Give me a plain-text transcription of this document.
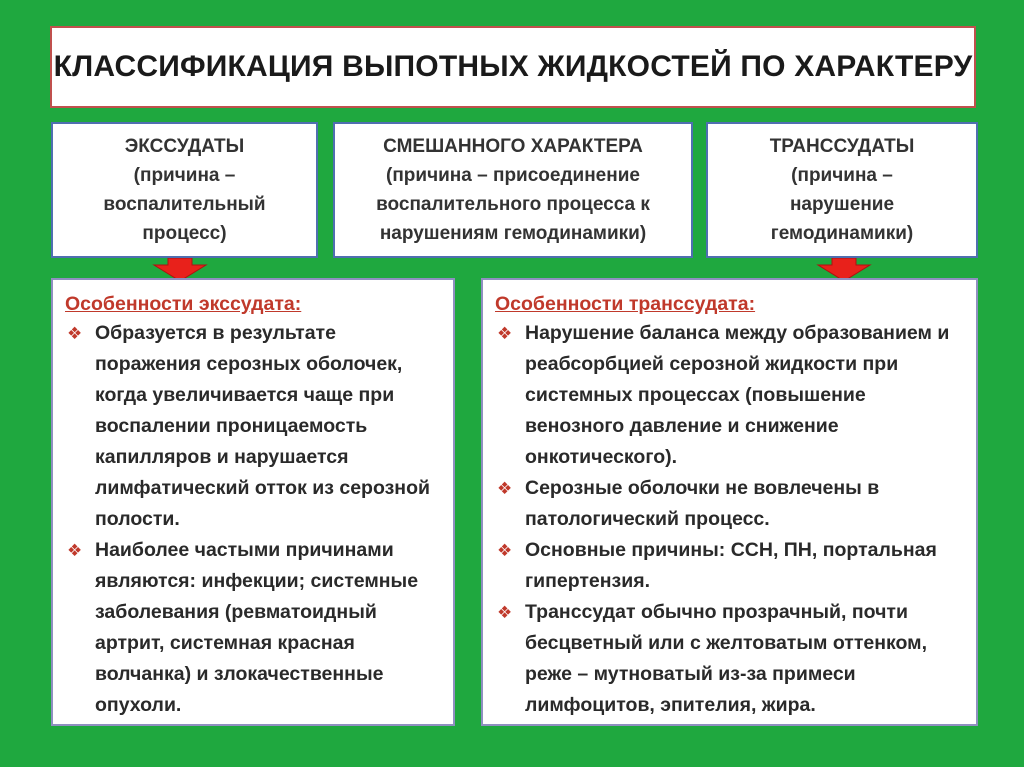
КЛАССИФИКАЦИЯ ВЫПОТНЫХ ЖИДКОСТЕЙ ПО ХАРАКТЕРУ
ЭКССУДАТЫ
(причина –
воспалительный
процесс)
СМЕШАННОГО ХАРАКТЕРА
(причина – присоединение
воспалительного процесса к
нарушениям гемодинамики)
ТРАНССУДАТЫ
(причина –
нарушение
гемодинамики)
Особенности экссудата:
❖ Образуется в результате поражения серозных оболочек, когда увеличивается чаще при воспалении проницаемость капилляров и нарушается лимфатический отток из серозной полости.
❖ Наиболее частыми причинами являются: инфекции; системные заболевания (ревматоидный артрит, системная красная волчанка) и злокачественные опухоли.
Особенности транссудата:
❖ Нарушение баланса между образованием и реабсорбцией серозной жидкости при системных процессах (повышение венозного давление и снижение онкотического).
❖ Серозные оболочки не вовлечены в патологический процесс.
❖ Основные причины: ССН, ПН, портальная гипертензия.
❖ Транссудат обычно прозрачный, почти бесцветный или с желтоватым оттенком, реже – мутноватый из-за примеси лимфоцитов, эпителия, жира.
